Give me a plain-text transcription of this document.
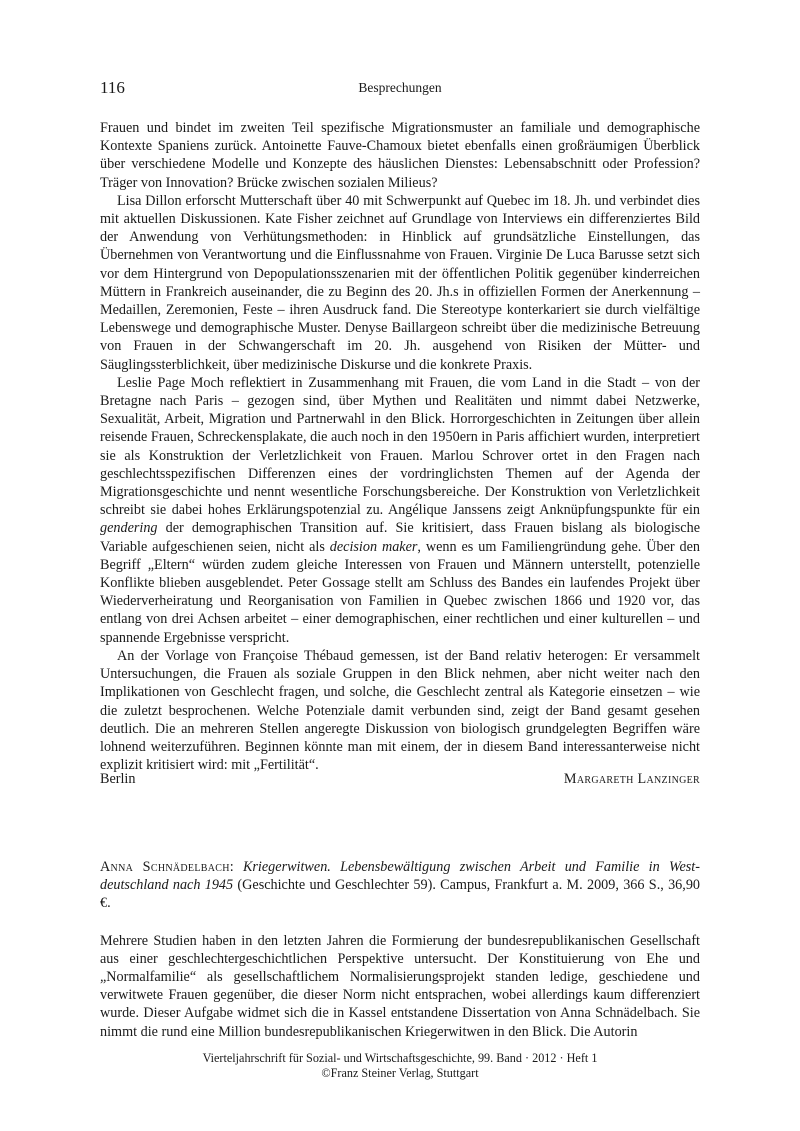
116	Besprechungen

Frauen und bindet im zweiten Teil spezifische Migrationsmuster an familiale und demographische Kontexte Spaniens zurück. Antoinette Fauve-Chamoux bietet ebenfalls einen großräumigen Überblick über verschiedene Modelle und Konzepte des häuslichen Dienstes: Lebensabschnitt oder Profession? Träger von Innovation? Brücke zwischen sozialen Milieus?

Lisa Dillon erforscht Mutterschaft über 40 mit Schwerpunkt auf Quebec im 18. Jh. und verbindet dies mit aktuellen Diskussionen. Kate Fisher zeichnet auf Grundlage von Interviews ein differenziertes Bild der Anwendung von Verhütungsmethoden: in Hinblick auf grundsätzliche Einstellungen, das Übernehmen von Verantwortung und die Einflussnahme von Frauen. Virginie De Luca Barusse setzt sich vor dem Hintergrund von Depopulationsszenarien mit der öffentlichen Politik gegenüber kinderreichen Müttern in Frankreich auseinander, die zu Beginn des 20. Jh.s in offiziellen Formen der Anerkennung – Medaillen, Zeremonien, Feste – ihren Ausdruck fand. Die Stereotype konterkariert sie durch vielfältige Lebenswege und demographische Muster. Denyse Baillargeon schreibt über die medizinische Betreuung von Frauen in der Schwangerschaft im 20. Jh. ausgehend von Risiken der Mütter- und Säuglingssterblichkeit, über medizinische Diskurse und die konkrete Praxis.

Leslie Page Moch reflektiert in Zusammenhang mit Frauen, die vom Land in die Stadt – von der Bretagne nach Paris – gezogen sind, über Mythen und Realitäten und nimmt dabei Netzwerke, Sexualität, Arbeit, Migration und Partnerwahl in den Blick. Horrorgeschichten in Zeitungen über allein reisende Frauen, Schreckensplakate, die auch noch in den 1950ern in Paris affichiert wurden, interpretiert sie als Konstruktion der Verletzlichkeit von Frauen. Marlou Schrover ortet in den Fragen nach geschlechtsspezifischen Differenzen eines der vordringlichsten Themen auf der Agenda der Migrationsgeschichte und nennt wesentliche Forschungsbereiche. Der Konstruktion von Verletzlichkeit schreibt sie dabei hohes Erklärungspotenzial zu. Angélique Janssens zeigt Anknüpfungspunkte für ein gendering der demographischen Transition auf. Sie kritisiert, dass Frauen bislang als biologische Variable aufgeschienen seien, nicht als decision maker, wenn es um Familiengründung gehe. Über den Begriff „Eltern“ würden zudem gleiche Interessen von Frauen und Männern unterstellt, potenzielle Konflikte blieben ausgeblendet. Peter Gossage stellt am Schluss des Bandes ein laufendes Projekt über Wiederverheiratung und Reorganisation von Familien in Quebec zwischen 1866 und 1920 vor, das entlang von drei Achsen arbeitet – einer demographischen, einer rechtlichen und einer kulturellen – und spannende Ergebnisse verspricht.

An der Vorlage von Françoise Thébaud gemessen, ist der Band relativ heterogen: Er versammelt Untersuchungen, die Frauen als soziale Gruppen in den Blick nehmen, aber nicht weiter nach den Implikationen von Geschlecht fragen, und solche, die Geschlecht zentral als Kategorie einsetzen – wie die zuletzt besprochenen. Welche Potenziale damit verbunden sind, zeigt der Band gesamt gesehen deutlich. Die an mehreren Stellen angeregte Diskussion von biologisch grundgelegten Begriffen wäre lohnend weiterzuführen. Beginnen könnte man mit einem, der in diesem Band interessanterweise nicht explizit kritisiert wird: mit „Fertilität“.

Berlin	Margareth Lanzinger

Anna Schnädelbach: Kriegerwitwen. Lebensbewältigung zwischen Arbeit und Familie in Westdeutschland nach 1945 (Geschichte und Geschlechter 59). Campus, Frankfurt a. M. 2009, 366 S., 36,90 €.

Mehrere Studien haben in den letzten Jahren die Formierung der bundesrepublikanischen Gesellschaft aus einer geschlechtergeschichtlichen Perspektive untersucht. Der Konstituierung von Ehe und „Normalfamilie“ als gesellschaftlichem Normalisierungsprojekt standen ledige, geschiedene und verwitwete Frauen gegenüber, die dieser Norm nicht entsprachen, wobei allerdings kaum differenziert wurde. Dieser Aufgabe widmet sich die in Kassel entstandene Dissertation von Anna Schnädelbach. Sie nimmt die rund eine Million bundesrepublikanischen Kriegerwitwen in den Blick. Die Autorin

Vierteljahrschrift für Sozial- und Wirtschaftsgeschichte, 99. Band · 2012 · Heft 1
©Franz Steiner Verlag, Stuttgart
